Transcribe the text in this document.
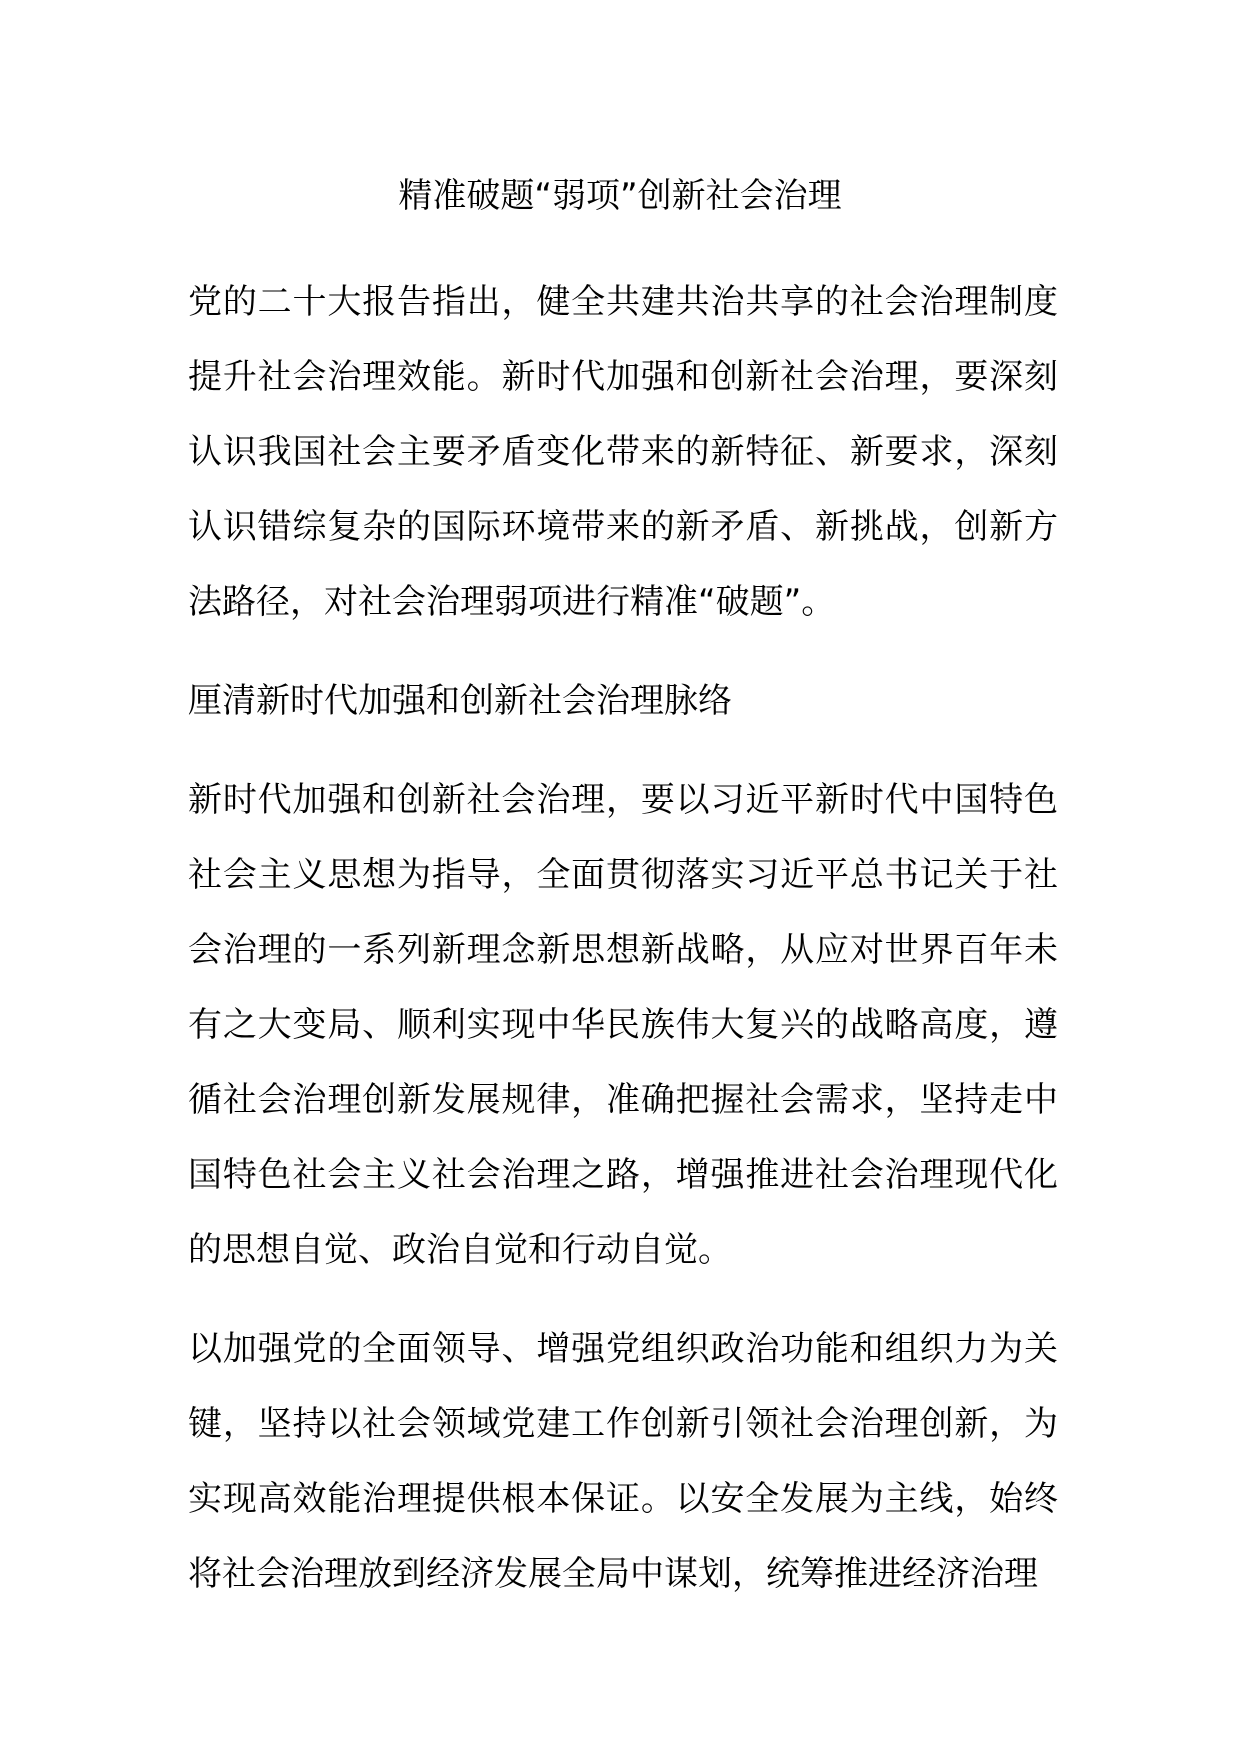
精准破题“弱项”创新社会治理

党的二十大报告指出，健全共建共治共享的社会治理制度提升社会治理效能。新时代加强和创新社会治理，要深刻认识我国社会主要矛盾变化带来的新特征、新要求，深刻认识错综复杂的国际环境带来的新矛盾、新挑战，创新方法路径，对社会治理弱项进行精准“破题”。

厘清新时代加强和创新社会治理脉络

新时代加强和创新社会治理，要以习近平新时代中国特色社会主义思想为指导，全面贯彻落实习近平总书记关于社会治理的一系列新理念新思想新战略，从应对世界百年未有之大变局、顺利实现中华民族伟大复兴的战略高度，遵循社会治理创新发展规律，准确把握社会需求，坚持走中国特色社会主义社会治理之路，增强推进社会治理现代化的思想自觉、政治自觉和行动自觉。

以加强党的全面领导、增强党组织政治功能和组织力为关键，坚持以社会领域党建工作创新引领社会治理创新，为实现高效能治理提供根本保证。以安全发展为主线，始终将社会治理放到经济发展全局中谋划，统筹推进经济治理
